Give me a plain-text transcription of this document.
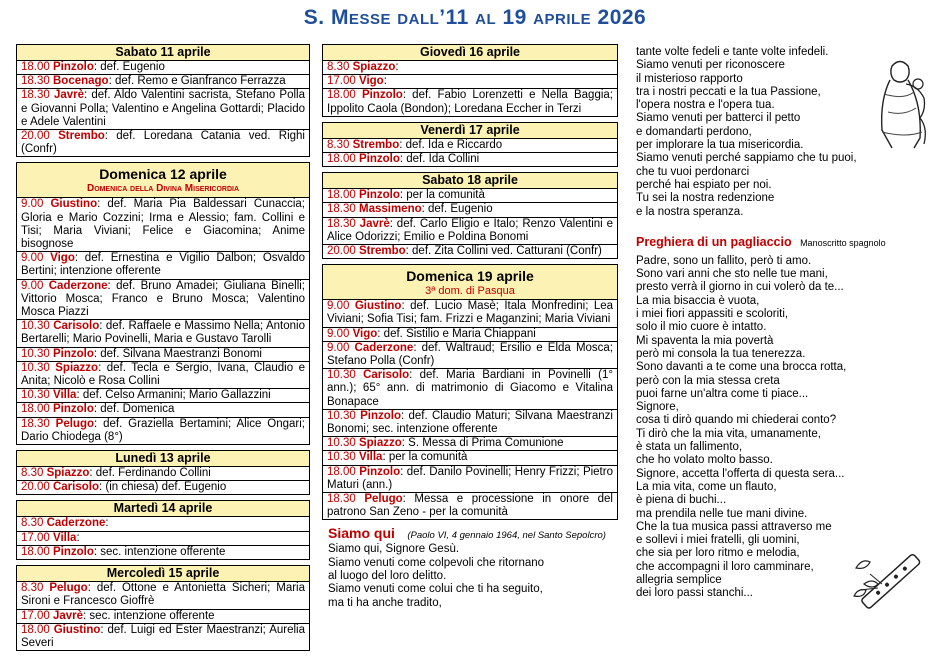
S. Messe dall’11 al 19 aprile 2026
Sabato 11 aprile
18.00 Pinzolo: def. Eugenio
18.30 Bocenago: def. Remo e Gianfranco Ferrazza
18.30 Javrè: def. Aldo Valentini sacrista, Stefano Polla e Giovanni Polla; Valentino e Angelina Gottardi; Placido e Adele Valentini
20.00 Strembo: def. Loredana Catania ved. Righi (Confr)
Domenica 12 aprile
Domenica della Divina Misericordia
9.00 Giustino: def. Maria Pia Baldessari Cunaccia; Gloria e Mario Cozzini; Irma e Alessio; fam. Collini e Tisi; Maria Viviani; Felice e Giacomina; Anime bisognose
9.00 Vigo: def. Ernestina e Vigilio Dalbon; Osvaldo Bertini; intenzione offerente
9.00 Caderzone: def. Bruno Amadei; Giuliana Binelli; Vittorio Mosca; Franco e Bruno Mosca; Valentino Mosca Piazzi
10.30 Carisolo: def. Raffaele e Massimo Nella; Antonio Bertarelli; Mario Povinelli, Maria e Gustavo Tarolli
10.30 Pinzolo: def. Silvana Maestranzi Bonomi
10.30 Spiazzo: def. Tecla e Sergio, Ivana, Claudio e Anita; Nicolò e Rosa Collini
10.30 Villa: def. Celso Armanini; Mario Gallazzini
18.00 Pinzolo: def. Domenica
18.30 Pelugo: def. Graziella Bertamini; Alice Ongari; Dario Chiodega (8°)
Lunedì 13 aprile
8.30 Spiazzo: def. Ferdinando Collini
20.00 Carisolo: (in chiesa) def. Eugenio
Martedì 14 aprile
8.30 Caderzone:
17.00 Villa:
18.00 Pinzolo: sec. intenzione offerente
Mercoledì 15 aprile
8.30 Pelugo: def. Ottone e Antonietta Sicheri; Maria Sironi e Francesco Gioffrè
17.00 Javrè: sec. intenzione offerente
18.00 Giustino: def. Luigi ed Ester Maestranzi; Aurelia Severi
Giovedì 16 aprile
8.30 Spiazzo:
17.00 Vigo:
18.00 Pinzolo: def. Fabio Lorenzetti e Nella Baggia; Ippolito Caola (Bondon); Loredana Eccher in Terzi
Venerdì 17 aprile
8.30 Strembo: def. Ida e Riccardo
18.00 Pinzolo: def. Ida Collini
Sabato 18 aprile
18.00 Pinzolo: per la comunità
18.30 Massimeno: def. Eugenio
18.30 Javrè: def. Carlo Eligio e Italo; Renzo Valentini e Alice Odorizzi; Emilio e Poldina Bonomi
20.00 Strembo: def. Zita Collini ved. Catturani (Confr)
Domenica 19 aprile
3ª dom. di Pasqua
9.00 Giustino: def. Lucio Masè; Itala Monfredini; Lea Viviani; Sofia Tisi; fam. Frizzi e Maganzini; Maria Viviani
9.00 Vigo: def. Sistilio e Maria Chiappani
9.00 Caderzone: def. Waltraud; Ersilio e Elda Mosca; Stefano Polla (Confr)
10.30 Carisolo: def. Maria Bardiani in Povinelli (1° ann.); 65° ann. di matrimonio di Giacomo e Vitalina Bonapace
10.30 Pinzolo: def. Claudio Maturi; Silvana Maestranzi Bonomi; sec. intenzione offerente
10.30 Spiazzo: S. Messa di Prima Comunione
10.30 Villa: per la comunità
18.00 Pinzolo: def. Danilo Povinelli; Henry Frizzi; Pietro Maturi (ann.)
18.30 Pelugo: Messa e processione in onore del patrono San Zeno - per la comunità
Siamo qui (Paolo VI, 4 gennaio 1964, nel Santo Sepolcro)
Siamo qui, Signore Gesù.
Siamo venuti come colpevoli che ritornano
al luogo del loro delitto.
Siamo venuti come colui che ti ha seguito,
ma ti ha anche tradito,
tante volte fedeli e tante volte infedeli.
Siamo venuti per riconoscere
il misterioso rapporto
tra i nostri peccati e la tua Passione,
l'opera nostra e l'opera tua.
Siamo venuti per batterci il petto
e domandarti perdono,
per implorare la tua misericordia.
Siamo venuti perché sappiamo che tu puoi,
che tu vuoi perdonarci
perché hai espiato per noi.
Tu sei la nostra redenzione
e la nostra speranza.
Preghiera di un pagliaccio Manoscritto spagnolo
Padre, sono un fallito, però ti amo.
Sono vari anni che sto nelle tue mani,
presto verrà il giorno in cui volerò da te...
La mia bisaccia è vuota,
i miei fiori appassiti e scoloriti,
solo il mio cuore è intatto.
Mi spaventa la mia povertà
però mi consola la tua tenerezza.
Sono davanti a te come una brocca rotta,
però con la mia stessa creta
puoi farne un'altra come ti piace...
Signore,
cosa ti dirò quando mi chiederai conto?
Ti dirò che la mia vita, umanamente,
è stata un fallimento,
che ho volato molto basso.
Signore, accetta l'offerta di questa sera...
La mia vita, come un flauto,
è piena di buchi...
ma prendila nelle tue mani divine.
Che la tua musica passi attraverso me
e sollevi i miei fratelli, gli uomini,
che sia per loro ritmo e melodia,
che accompagni il loro camminare,
allegria semplice
dei loro passi stanchi...
